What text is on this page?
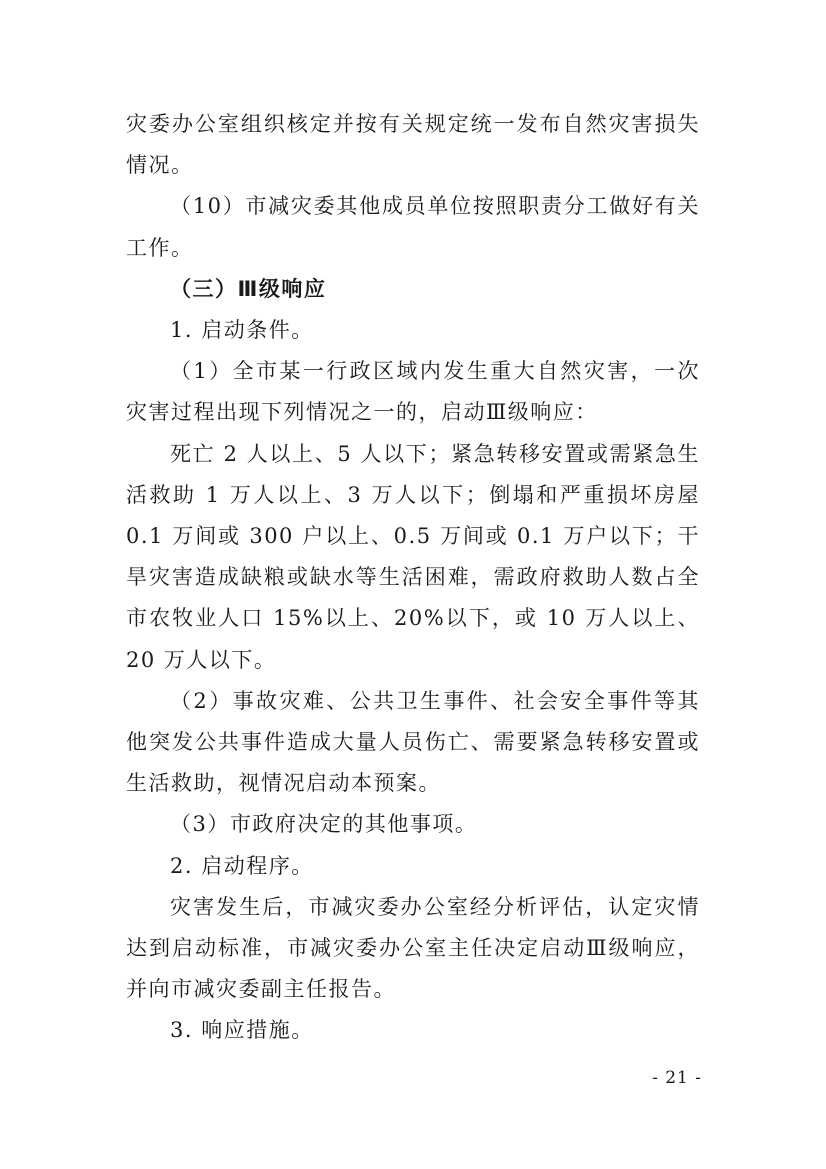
灾委办公室组织核定并按有关规定统一发布自然灾害损失情况。

（10）市减灾委其他成员单位按照职责分工做好有关工作。

（三）Ⅲ级响应

1. 启动条件。

（1）全市某一行政区域内发生重大自然灾害，一次灾害过程出现下列情况之一的，启动Ⅲ级响应：

死亡 2 人以上、5 人以下；紧急转移安置或需紧急生活救助 1 万人以上、3 万人以下；倒塌和严重损坏房屋 0.1 万间或 300 户以上、0.5 万间或 0.1 万户以下；干旱灾害造成缺粮或缺水等生活困难，需政府救助人数占全市农牧业人口 15%以上、20%以下，或 10 万人以上、20 万人以下。

（2）事故灾难、公共卫生事件、社会安全事件等其他突发公共事件造成大量人员伤亡、需要紧急转移安置或生活救助，视情况启动本预案。

（3）市政府决定的其他事项。

2. 启动程序。

灾害发生后，市减灾委办公室经分析评估，认定灾情达到启动标准，市减灾委办公室主任决定启动Ⅲ级响应，并向市减灾委副主任报告。

3. 响应措施。

- 21 -
